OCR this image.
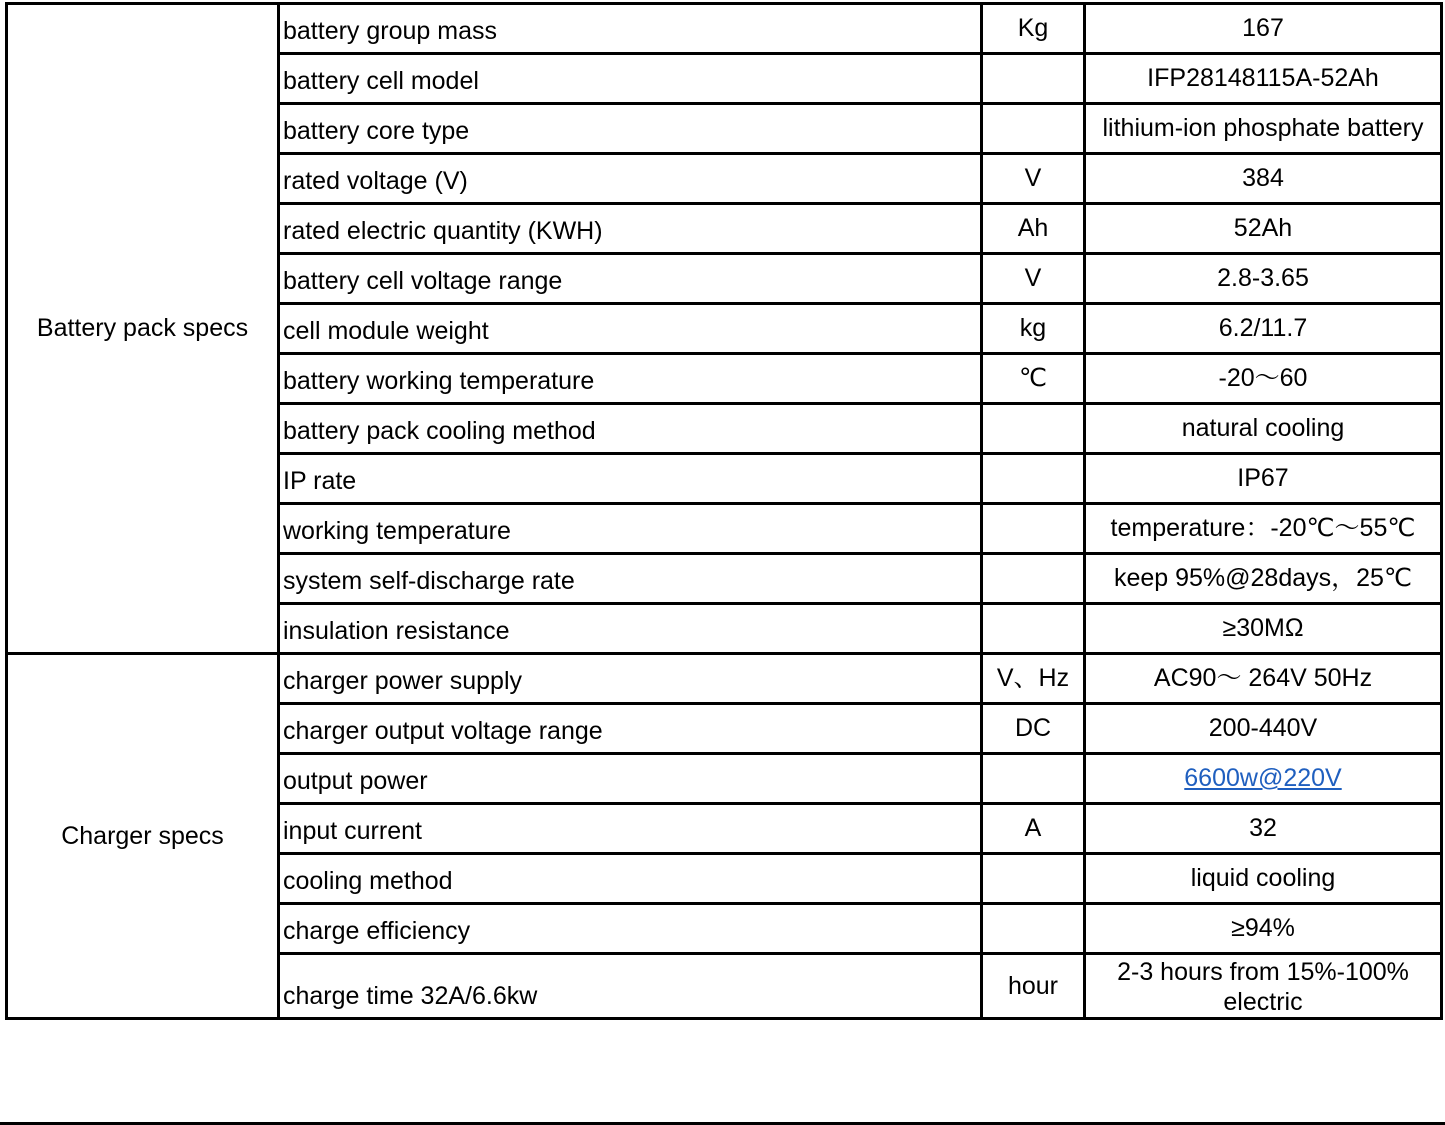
Battery pack specs	battery group mass	Kg	167
	battery cell model		IFP28148115A-52Ah
	battery core type		lithium-ion phosphate battery
	rated voltage (V)	V	384
	rated electric quantity (KWH)	Ah	52Ah
	battery cell voltage range	V	2.8-3.65
	cell module weight	kg	6.2/11.7
	battery working temperature	℃	-20～60
	battery pack cooling method		natural cooling
	IP rate		IP67
	working temperature		temperature：-20℃～55℃
	system self-discharge rate		keep 95%@28days，25℃
	insulation resistance		≥30MΩ
Charger specs	charger power supply	V、Hz	AC90～ 264V 50Hz
	charger output voltage range	DC	200-440V
	output power		6600w@220V
	input current	A	32
	cooling method		liquid cooling
	charge efficiency		≥94%
	charge time 32A/6.6kw	hour	2-3 hours from 15%-100% electric
